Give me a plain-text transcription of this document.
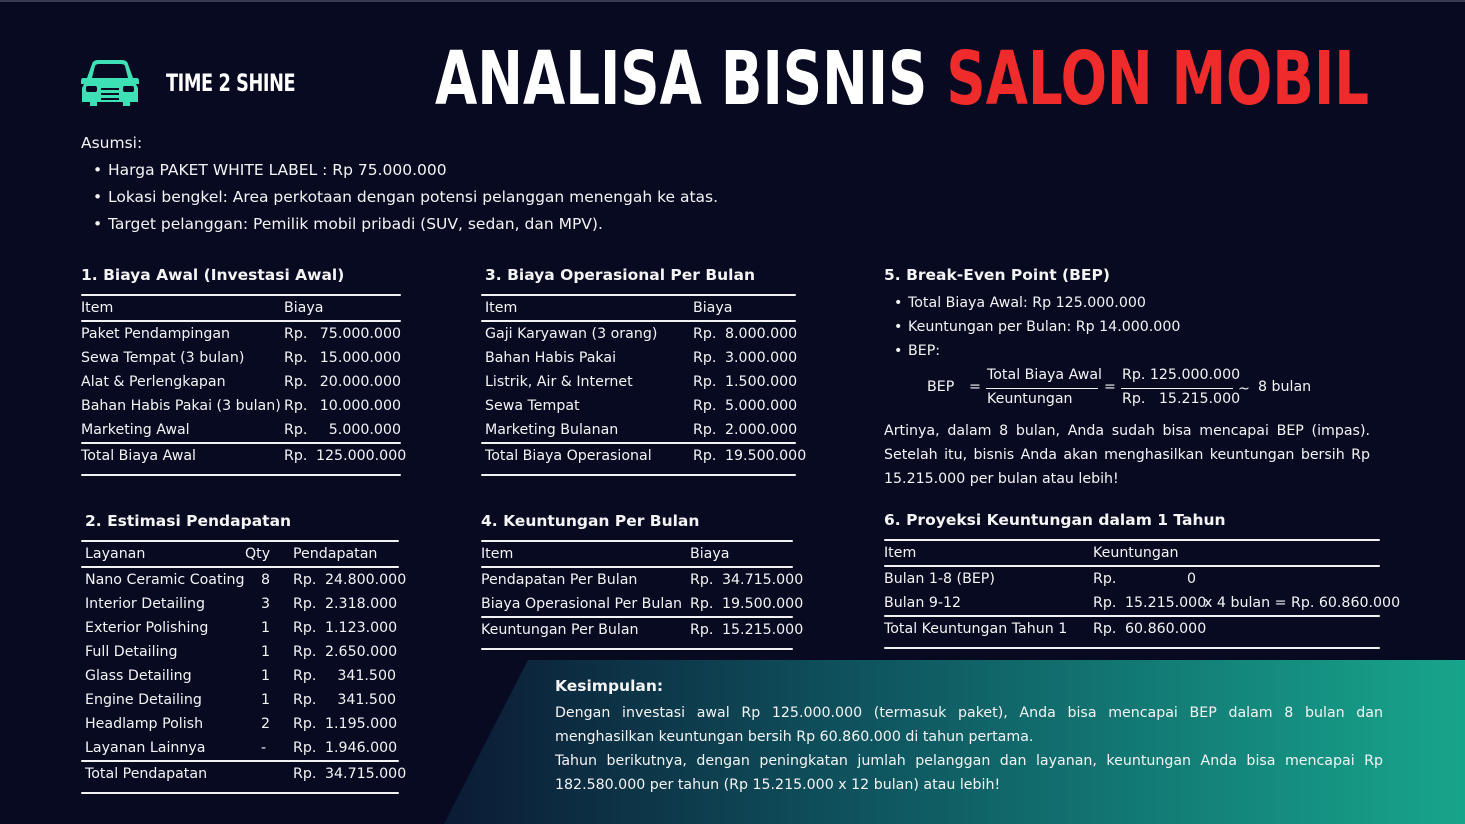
TIME 2 SHINE ANALISA BISNIS SALON MOBIL
Asumsi:
• Harga PAKET WHITE LABEL : Rp 75.000.000
• Lokasi bengkel: Area perkotaan dengan potensi pelanggan menengah ke atas.
• Target pelanggan: Pemilik mobil pribadi (SUV, sedan, dan MPV).
1. Biaya Awal (Investasi Awal)
Item	Biaya
Paket Pendampingan	Rp. 75.000.000
Sewa Tempat (3 bulan)	Rp. 15.000.000
Alat & Perlengkapan	Rp. 20.000.000
Bahan Habis Pakai (3 bulan) Rp. 10.000.000
Marketing Awal	Rp.	5.000.000
Total Biaya Awal	Rp. 125.000.000
3. Biaya Operasional Per Bulan
Item	Biaya
Gaji Karyawan (3 orang)	Rp. 8.000.000
Bahan Habis Pakai	Rp. 3.000.000
Listrik, Air & Internet	Rp. 1.500.000
Sewa Tempat	Rp. 5.000.000
Marketing Bulanan	Rp. 2.000.000
Total Biaya Operasional	Rp. 19.500.000
5. Break-Even Point (BEP)
• Total Biaya Awal: Rp 125.000.000
• Keuntungan per Bulan: Rp 14.000.000
• BEP:
BEP =
Total Biaya Awal
Keuntungan
=
Rp. 125.000.000
Rp.   15.215.000
~ 8 bulan
Artinya, dalam 8 bulan, Anda sudah bisa mencapai BEP (impas). Setelah itu, bisnis Anda akan menghasilkan keuntungan bersih Rp 15.215.000 per bulan atau lebih!
2. Estimasi Pendapatan
Layanan	Qty	Pendapatan
Nano Ceramic Coating	8	Rp. 24.800.000
Interior Detailing	3	Rp. 2.318.000
Exterior Polishing	1	Rp. 1.123.000
Full Detailing	1	Rp. 2.650.000
Glass Detailing	1	Rp.	341.500
Engine Detailing	1	Rp.	341.500
Headlamp Polish	2	Rp. 1.195.000
Layanan Lainnya	-	Rp. 1.946.000
Total Pendapatan	Rp. 34.715.000
4. Keuntungan Per Bulan
Item	Biaya
Pendapatan Per Bulan	Rp. 34.715.000
Biaya Operasional Per Bulan Rp. 19.500.000
Keuntungan Per Bulan	Rp. 15.215.000
6. Proyeksi Keuntungan dalam 1 Tahun
Item	Keuntungan
Bulan 1-8 (BEP)	Rp.	0
Bulan 9-12	Rp. 15.215.000
x 4 bulan = Rp. 60.860.000
Total Keuntungan Tahun 1	Rp. 60.860.000
Kesimpulan:

Dengan investasi awal Rp 125.000.000 (termasuk paket), Anda bisa mencapai BEP dalam 8 bulan dan menghasilkan keuntungan bersih Rp 60.860.000 di tahun pertama.

Tahun berikutnya, dengan peningkatan jumlah pelanggan dan layanan, keuntungan Anda bisa mencapai Rp 182.580.000 per tahun (Rp 15.215.000 x 12 bulan) atau lebih!
